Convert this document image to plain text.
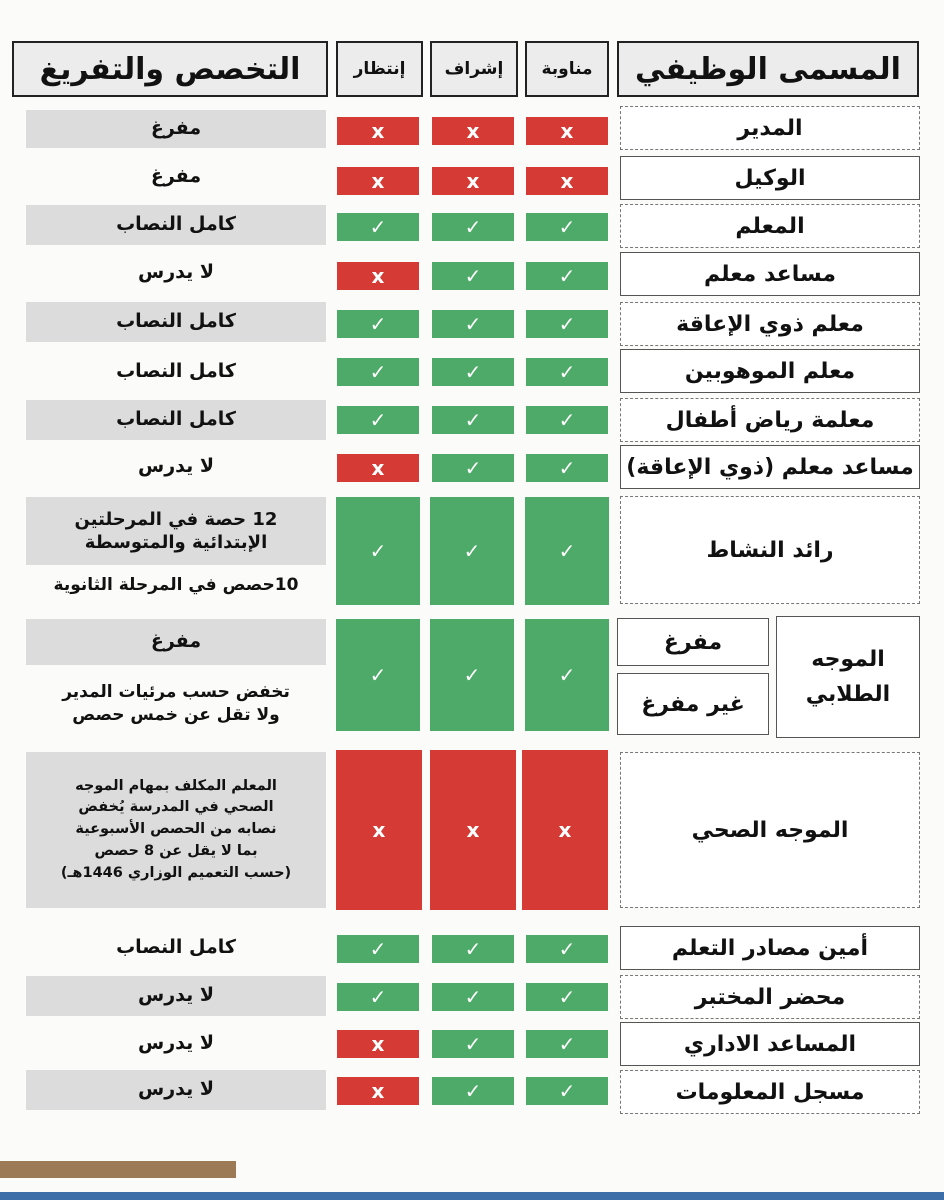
المسمى الوظيفي
مناوبة
إشراف
إنتظار
التخصص والتفريغ
المدير
x
x
x
مفرغ
الوكيل
x
x
x
مفرغ
المعلم
✓
✓
✓
كامل النصاب
مساعد معلم
✓
✓
x
لا يدرس
معلم ذوي الإعاقة
✓
✓
✓
كامل النصاب
معلم الموهوبين
✓
✓
✓
كامل النصاب
معلمة رياض أطفال
✓
✓
✓
كامل النصاب
مساعد معلم (ذوي الإعاقة)
✓
✓
x
لا يدرس
رائد النشاط
✓
✓
✓
12 حصة في المرحلتين
الإبتدائية والمتوسطة
10حصص في المرحلة الثانوية
الموجه
الطلابي
مفرغ
غير مفرغ
✓
✓
✓
مفرغ
تخفض حسب مرئيات المدير
ولا تقل عن خمس حصص
الموجه الصحي
x
x
x
المعلم المكلف بمهام الموجه
الصحي في المدرسة يُخفض
نصابه من الحصص الأسبوعية
بما لا يقل عن 8 حصص
(حسب التعميم الوزاري 1446هـ)
أمين مصادر التعلم
✓
✓
✓
كامل النصاب
محضر المختبر
✓
✓
✓
لا يدرس
المساعد الاداري
✓
✓
x
لا يدرس
مسجل المعلومات
✓
✓
x
لا يدرس
